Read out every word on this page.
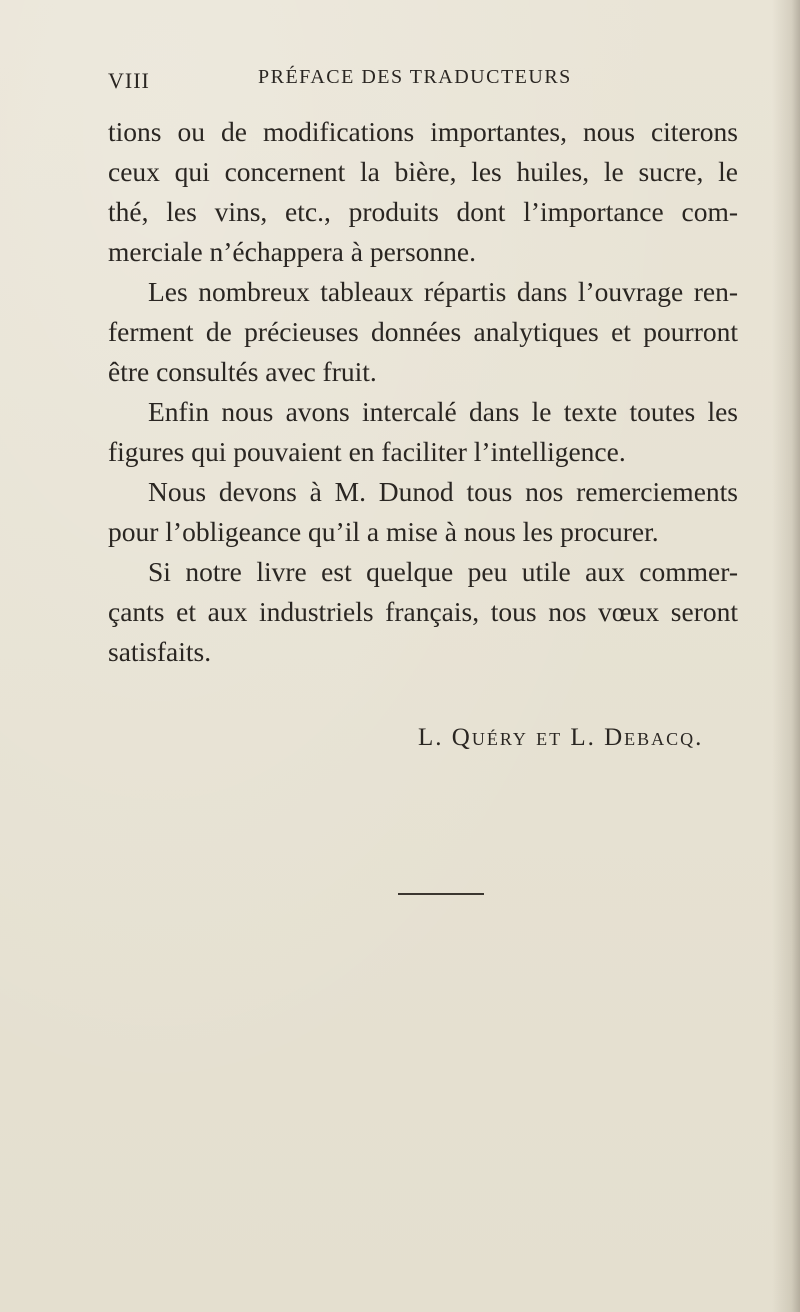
VIII	PRÉFACE DES TRADUCTEURS
tions ou de modifications importantes, nous citerons
ceux qui concernent la bière, les huiles, le sucre, le
thé, les vins, etc., produits dont l’importance com-
merciale n’échappera à personne.
Les nombreux tableaux répartis dans l’ouvrage ren-
ferment de précieuses données analytiques et pourront
être consultés avec fruit.
Enfin nous avons intercalé dans le texte toutes les
figures qui pouvaient en faciliter l’intelligence.
Nous devons à M. Dunod tous nos remerciements
pour l’obligeance qu’il a mise à nous les procurer.
Si notre livre est quelque peu utile aux commer-
çants et aux industriels français, tous nos vœux seront
satisfaits.
L. Quéry et L. Debacq.
